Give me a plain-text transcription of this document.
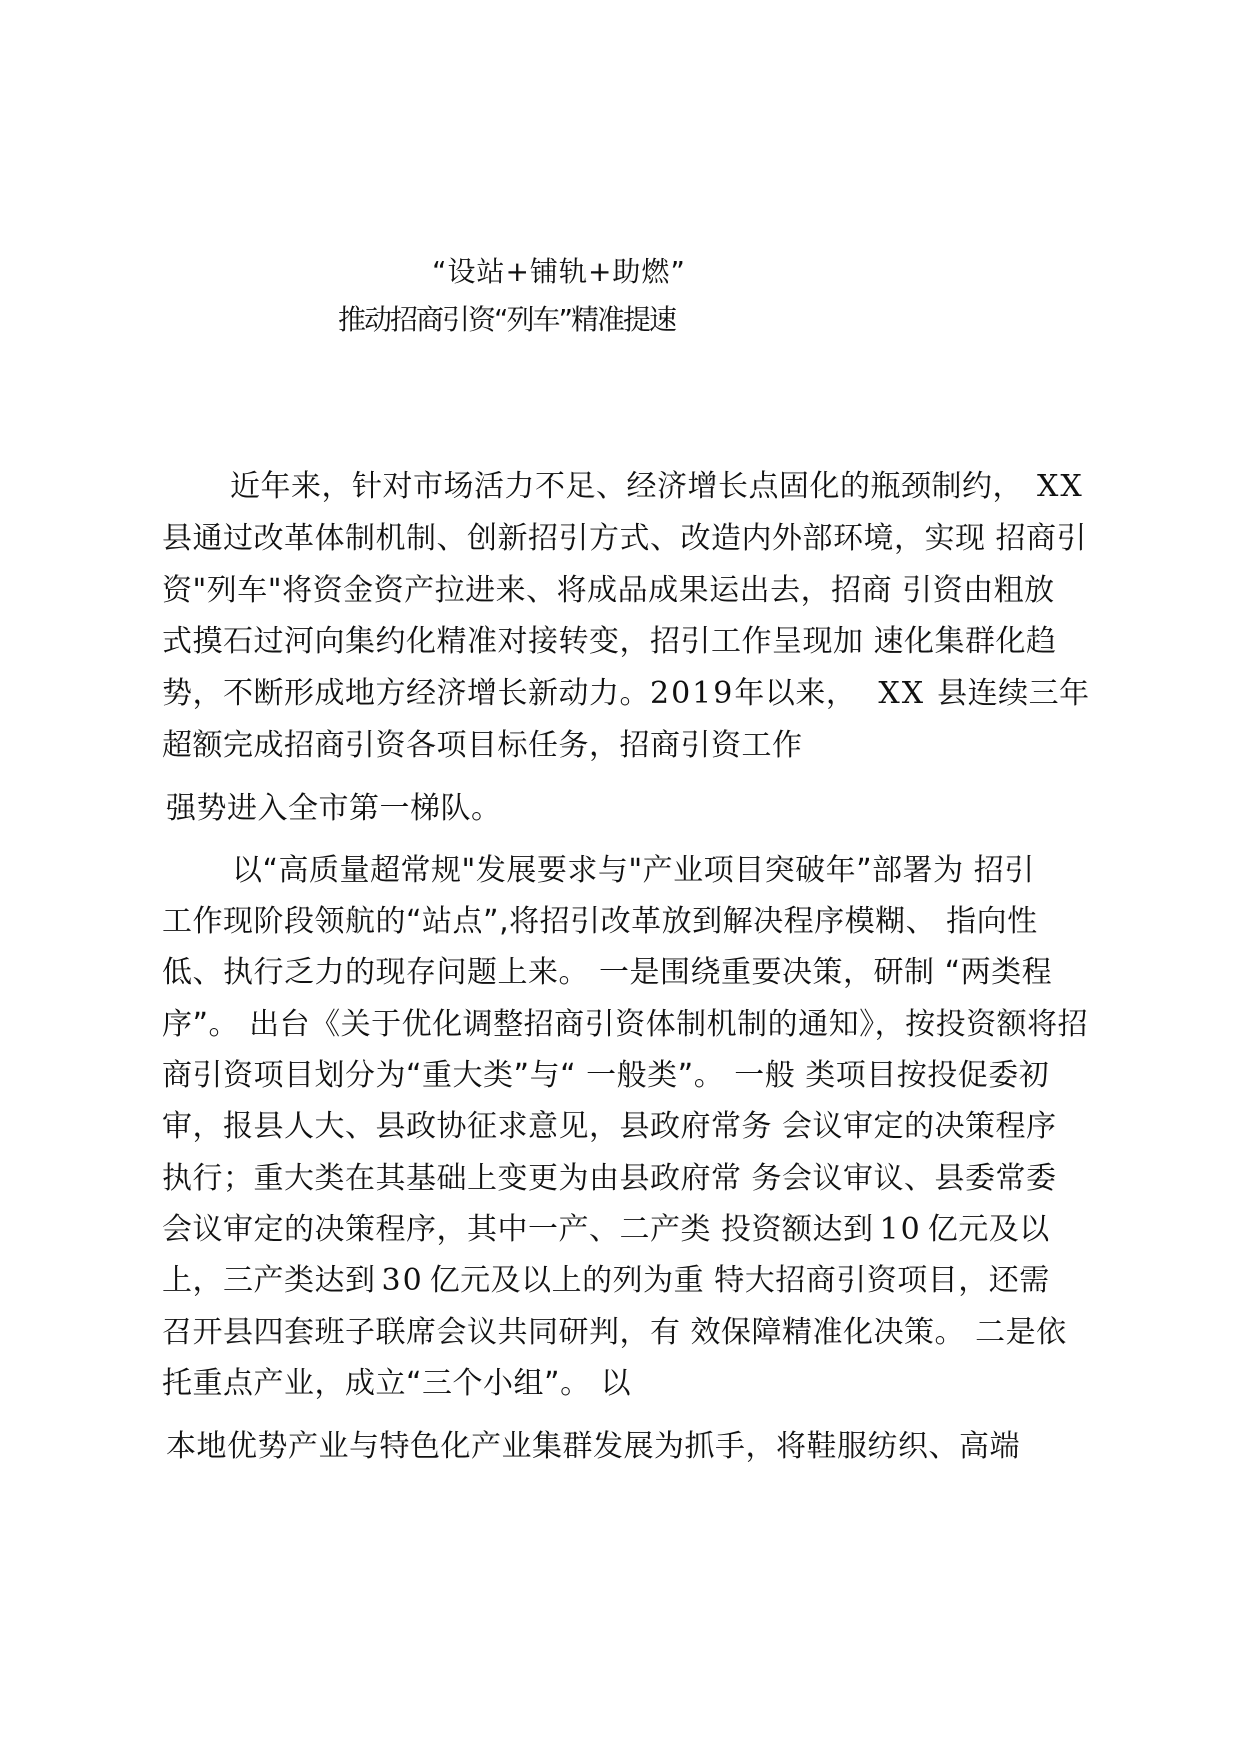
“设站+铺轨+助燃”
推动招商引资“列车”精准提速
近年来，针对市场活力不足、经济增长点固化的瓶颈制约， XX
县通过改革体制机制、创新招引方式、改造内外部环境，实现 招商引
资"列车"将资金资产拉进来、将成品成果运出去，招商 引资由粗放
式摸石过河向集约化精准对接转变，招引工作呈现加 速化集群化趋
势，不断形成地方经济增长新动力。2019年以来， XX 县连续三年
超额完成招商引资各项目标任务，招商引资工作
强势进入全市第一梯队。
以“高质量超常规"发展要求与"产业项目突破年”部署为 招引
工作现阶段领航的“站点”,将招引改革放到解决程序模糊、 指向性
低、执行乏力的现存问题上来。 一是围绕重要决策，研制 “两类程
序”。 出台《关于优化调整招商引资体制机制的通知》，按投资额将招
商引资项目划分为“重大类”与“ 一般类”。 一般 类项目按投促委初
审，报县人大、县政协征求意见，县政府常务 会议审定的决策程序
执行；重大类在其基础上变更为由县政府常 务会议审议、县委常委
会议审定的决策程序，其中一产、二产类 投资额达到 10 亿元及以
上，三产类达到 30 亿元及以上的列为重 特大招商引资项目，还需
召开县四套班子联席会议共同研判，有 效保障精准化决策。 二是依
托重点产业，成立“三个小组”。 以
本地优势产业与特色化产业集群发展为抓手，将鞋服纺织、高端
